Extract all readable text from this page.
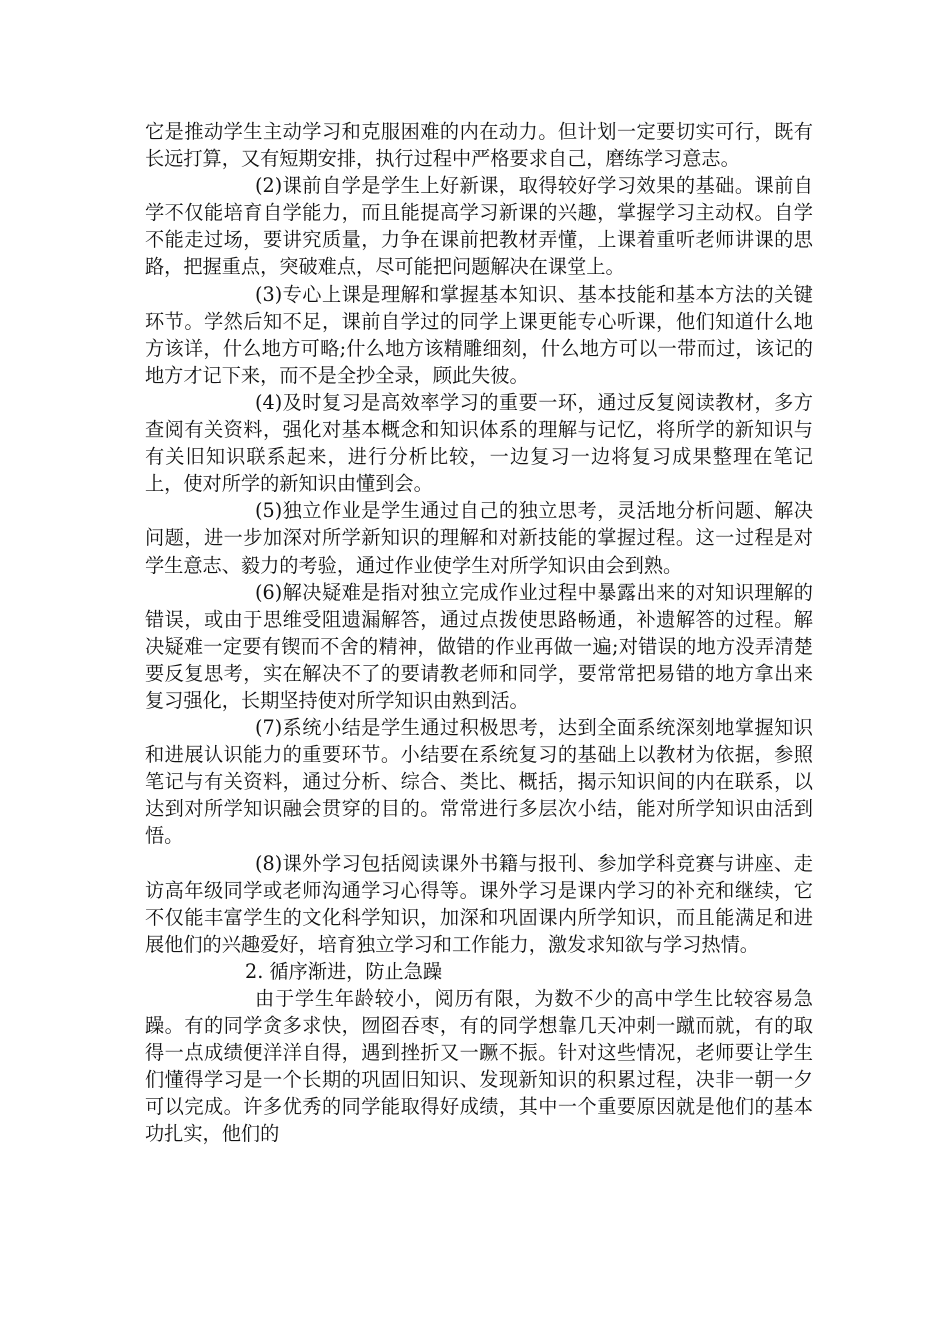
它是推动学生主动学习和克服困难的内在动力。但计划一定要切实可行，既有长远打算，又有短期安排，执行过程中严格要求自己，磨练学习意志。

(2)课前自学是学生上好新课，取得较好学习效果的基础。课前自学不仅能培育自学能力，而且能提高学习新课的兴趣，掌握学习主动权。自学不能走过场，要讲究质量，力争在课前把教材弄懂，上课着重听老师讲课的思路，把握重点，突破难点，尽可能把问题解决在课堂上。

(3)专心上课是理解和掌握基本知识、基本技能和基本方法的关键环节。学然后知不足，课前自学过的同学上课更能专心听课，他们知道什么地方该详，什么地方可略;什么地方该精雕细刻，什么地方可以一带而过，该记的地方才记下来，而不是全抄全录，顾此失彼。

(4)及时复习是高效率学习的重要一环，通过反复阅读教材，多方查阅有关资料，强化对基本概念和知识体系的理解与记忆，将所学的新知识与有关旧知识联系起来，进行分析比较，一边复习一边将复习成果整理在笔记上，使对所学的新知识由懂到会。

(5)独立作业是学生通过自己的独立思考，灵活地分析问题、解决问题，进一步加深对所学新知识的理解和对新技能的掌握过程。这一过程是对学生意志、毅力的考验，通过作业使学生对所学知识由会到熟。

(6)解决疑难是指对独立完成作业过程中暴露出来的对知识理解的错误，或由于思维受阻遗漏解答，通过点拨使思路畅通，补遗解答的过程。解决疑难一定要有锲而不舍的精神，做错的作业再做一遍;对错误的地方没弄清楚要反复思考，实在解决不了的要请教老师和同学，要常常把易错的地方拿出来复习强化，长期坚持使对所学知识由熟到活。

(7)系统小结是学生通过积极思考，达到全面系统深刻地掌握知识和进展认识能力的重要环节。小结要在系统复习的基础上以教材为依据，参照笔记与有关资料，通过分析、综合、类比、概括，揭示知识间的内在联系，以达到对所学知识融会贯穿的目的。常常进行多层次小结，能对所学知识由活到悟。

(8)课外学习包括阅读课外书籍与报刊、参加学科竞赛与讲座、走访高年级同学或老师沟通学习心得等。课外学习是课内学习的补充和继续，它不仅能丰富学生的文化科学知识，加深和巩固课内所学知识，而且能满足和进展他们的兴趣爱好，培育独立学习和工作能力，激发求知欲与学习热情。

2. 循序渐进，防止急躁

由于学生年龄较小，阅历有限，为数不少的高中学生比较容易急躁。有的同学贪多求快，囫囵吞枣，有的同学想靠几天冲刺一蹴而就，有的取得一点成绩便洋洋自得，遇到挫折又一蹶不振。针对这些情况，老师要让学生们懂得学习是一个长期的巩固旧知识、发现新知识的积累过程，决非一朝一夕可以完成。许多优秀的同学能取得好成绩，其中一个重要原因就是他们的基本功扎实，他们的
